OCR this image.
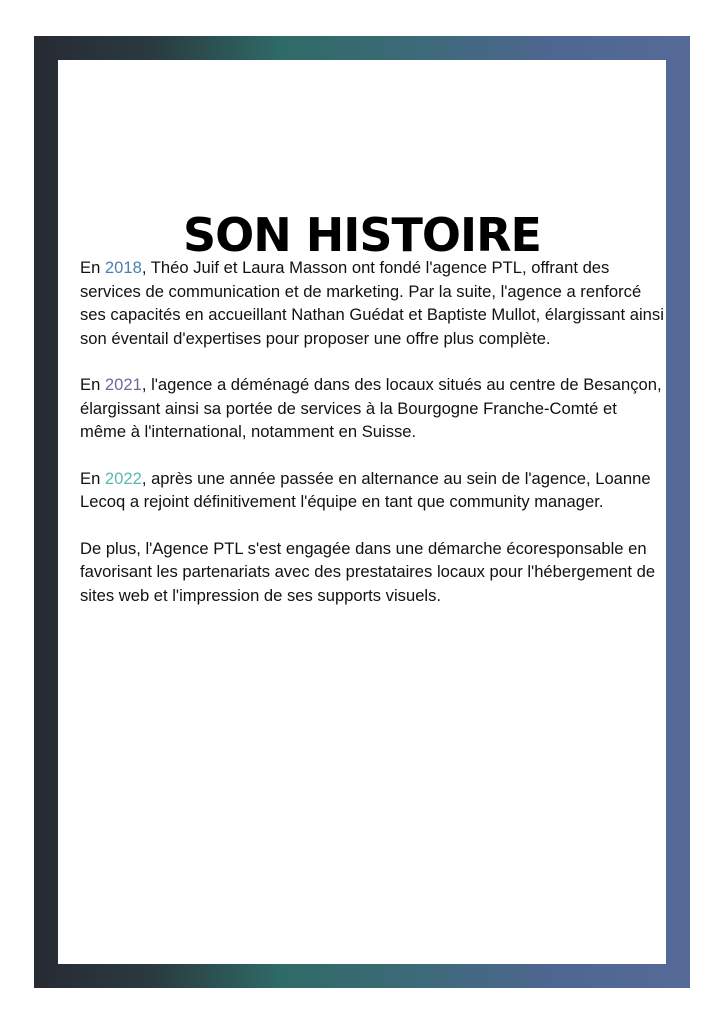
SON HISTOIRE

En 2018, Théo Juif et Laura Masson ont fondé l'agence PTL, offrant des services de communication et de marketing. Par la suite, l'agence a renforcé ses capacités en accueillant Nathan Guédat et Baptiste Mullot, élargissant ainsi son éventail d'expertises pour proposer une offre plus complète.

En 2021, l'agence a déménagé dans des locaux situés au centre de Besançon, élargissant ainsi sa portée de services à la Bourgogne Franche-Comté et même à l'international, notamment en Suisse.

En 2022, après une année passée en alternance au sein de l'agence, Loanne Lecoq a rejoint définitivement l'équipe en tant que community manager.

De plus, l'Agence PTL s'est engagée dans une démarche écoresponsable en favorisant les partenariats avec des prestataires locaux pour l'hébergement de sites web et l'impression de ses supports visuels.
